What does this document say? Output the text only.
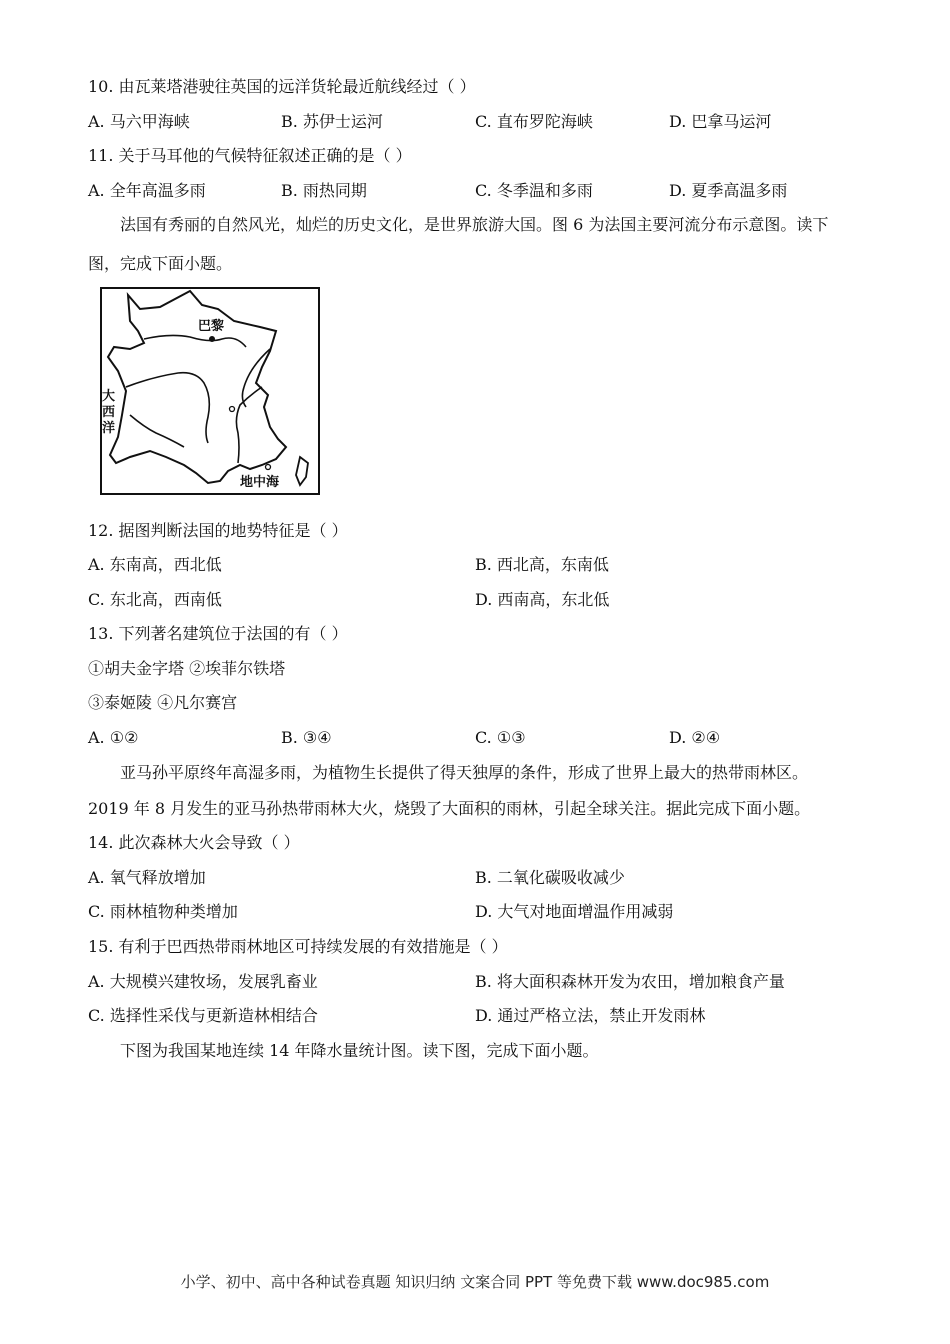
10. 由瓦莱塔港驶往英国的远洋货轮最近航线经过（ ）
A. 马六甲海峡	B. 苏伊士运河	C. 直布罗陀海峡	D. 巴拿马运河
11. 关于马耳他的气候特征叙述正确的是（ ）
A. 全年高温多雨	B. 雨热同期	C. 冬季温和多雨	D. 夏季高温多雨
法国有秀丽的自然风光，灿烂的历史文化，是世界旅游大国。图 6 为法国主要河流分布示意图。读下
图，完成下面小题。
巴黎
大西洋
地中海
12. 据图判断法国的地势特征是（ ）
A. 东南高，西北低	B. 西北高，东南低
C. 东北高，西南低	D. 西南高，东北低
13. 下列著名建筑位于法国的有（ ）
①胡夫金字塔 ②埃菲尔铁塔
③泰姬陵 ④凡尔赛宫
A. ①②	B. ③④	C. ①③	D. ②④
亚马孙平原终年高湿多雨，为植物生长提供了得天独厚的条件，形成了世界上最大的热带雨林区。
2019 年 8 月发生的亚马孙热带雨林大火，烧毁了大面积的雨林，引起全球关注。据此完成下面小题。
14. 此次森林大火会导致（ ）
A. 氧气释放增加	B. 二氧化碳吸收减少
C. 雨林植物种类增加	D. 大气对地面增温作用减弱
15. 有利于巴西热带雨林地区可持续发展的有效措施是（ ）
A. 大规模兴建牧场，发展乳畜业	B. 将大面积森林开发为农田，增加粮食产量
C. 选择性采伐与更新造林相结合	D. 通过严格立法，禁止开发雨林
下图为我国某地连续 14 年降水量统计图。读下图，完成下面小题。
小学、初中、高中各种试卷真题 知识归纳 文案合同 PPT 等免费下载 www.doc985.com
